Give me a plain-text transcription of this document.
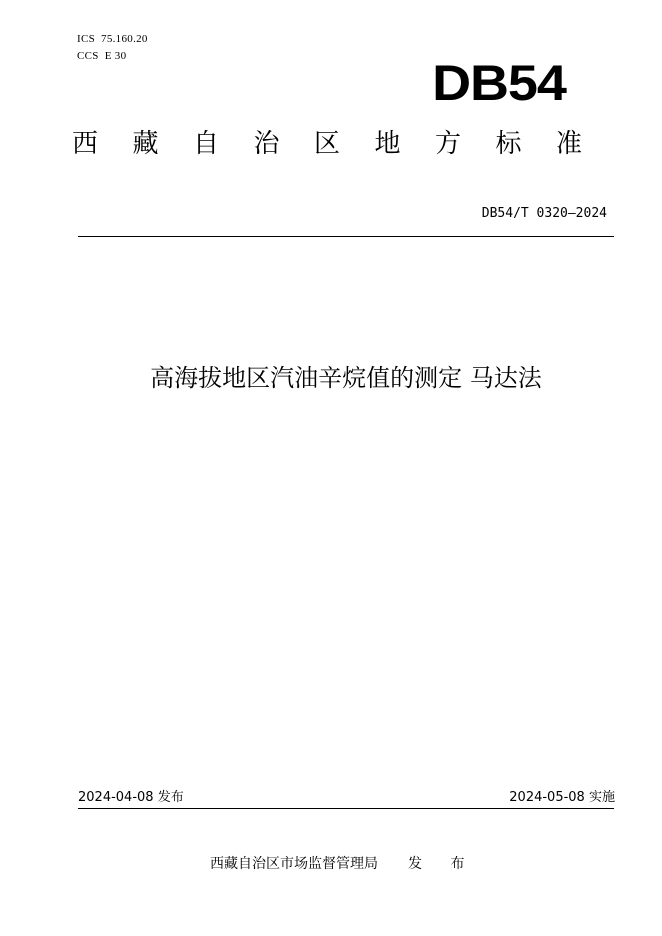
ICS 75.160.20
CCS E 30	DB54
西 藏 自 治 区 地 方 标 准
DB54/T 0320—2024
高海拔地区汽油辛烷值的测定 马达法
2024-04-08 发布	2024-05-08 实施
西藏自治区市场监督管理局 发 布
